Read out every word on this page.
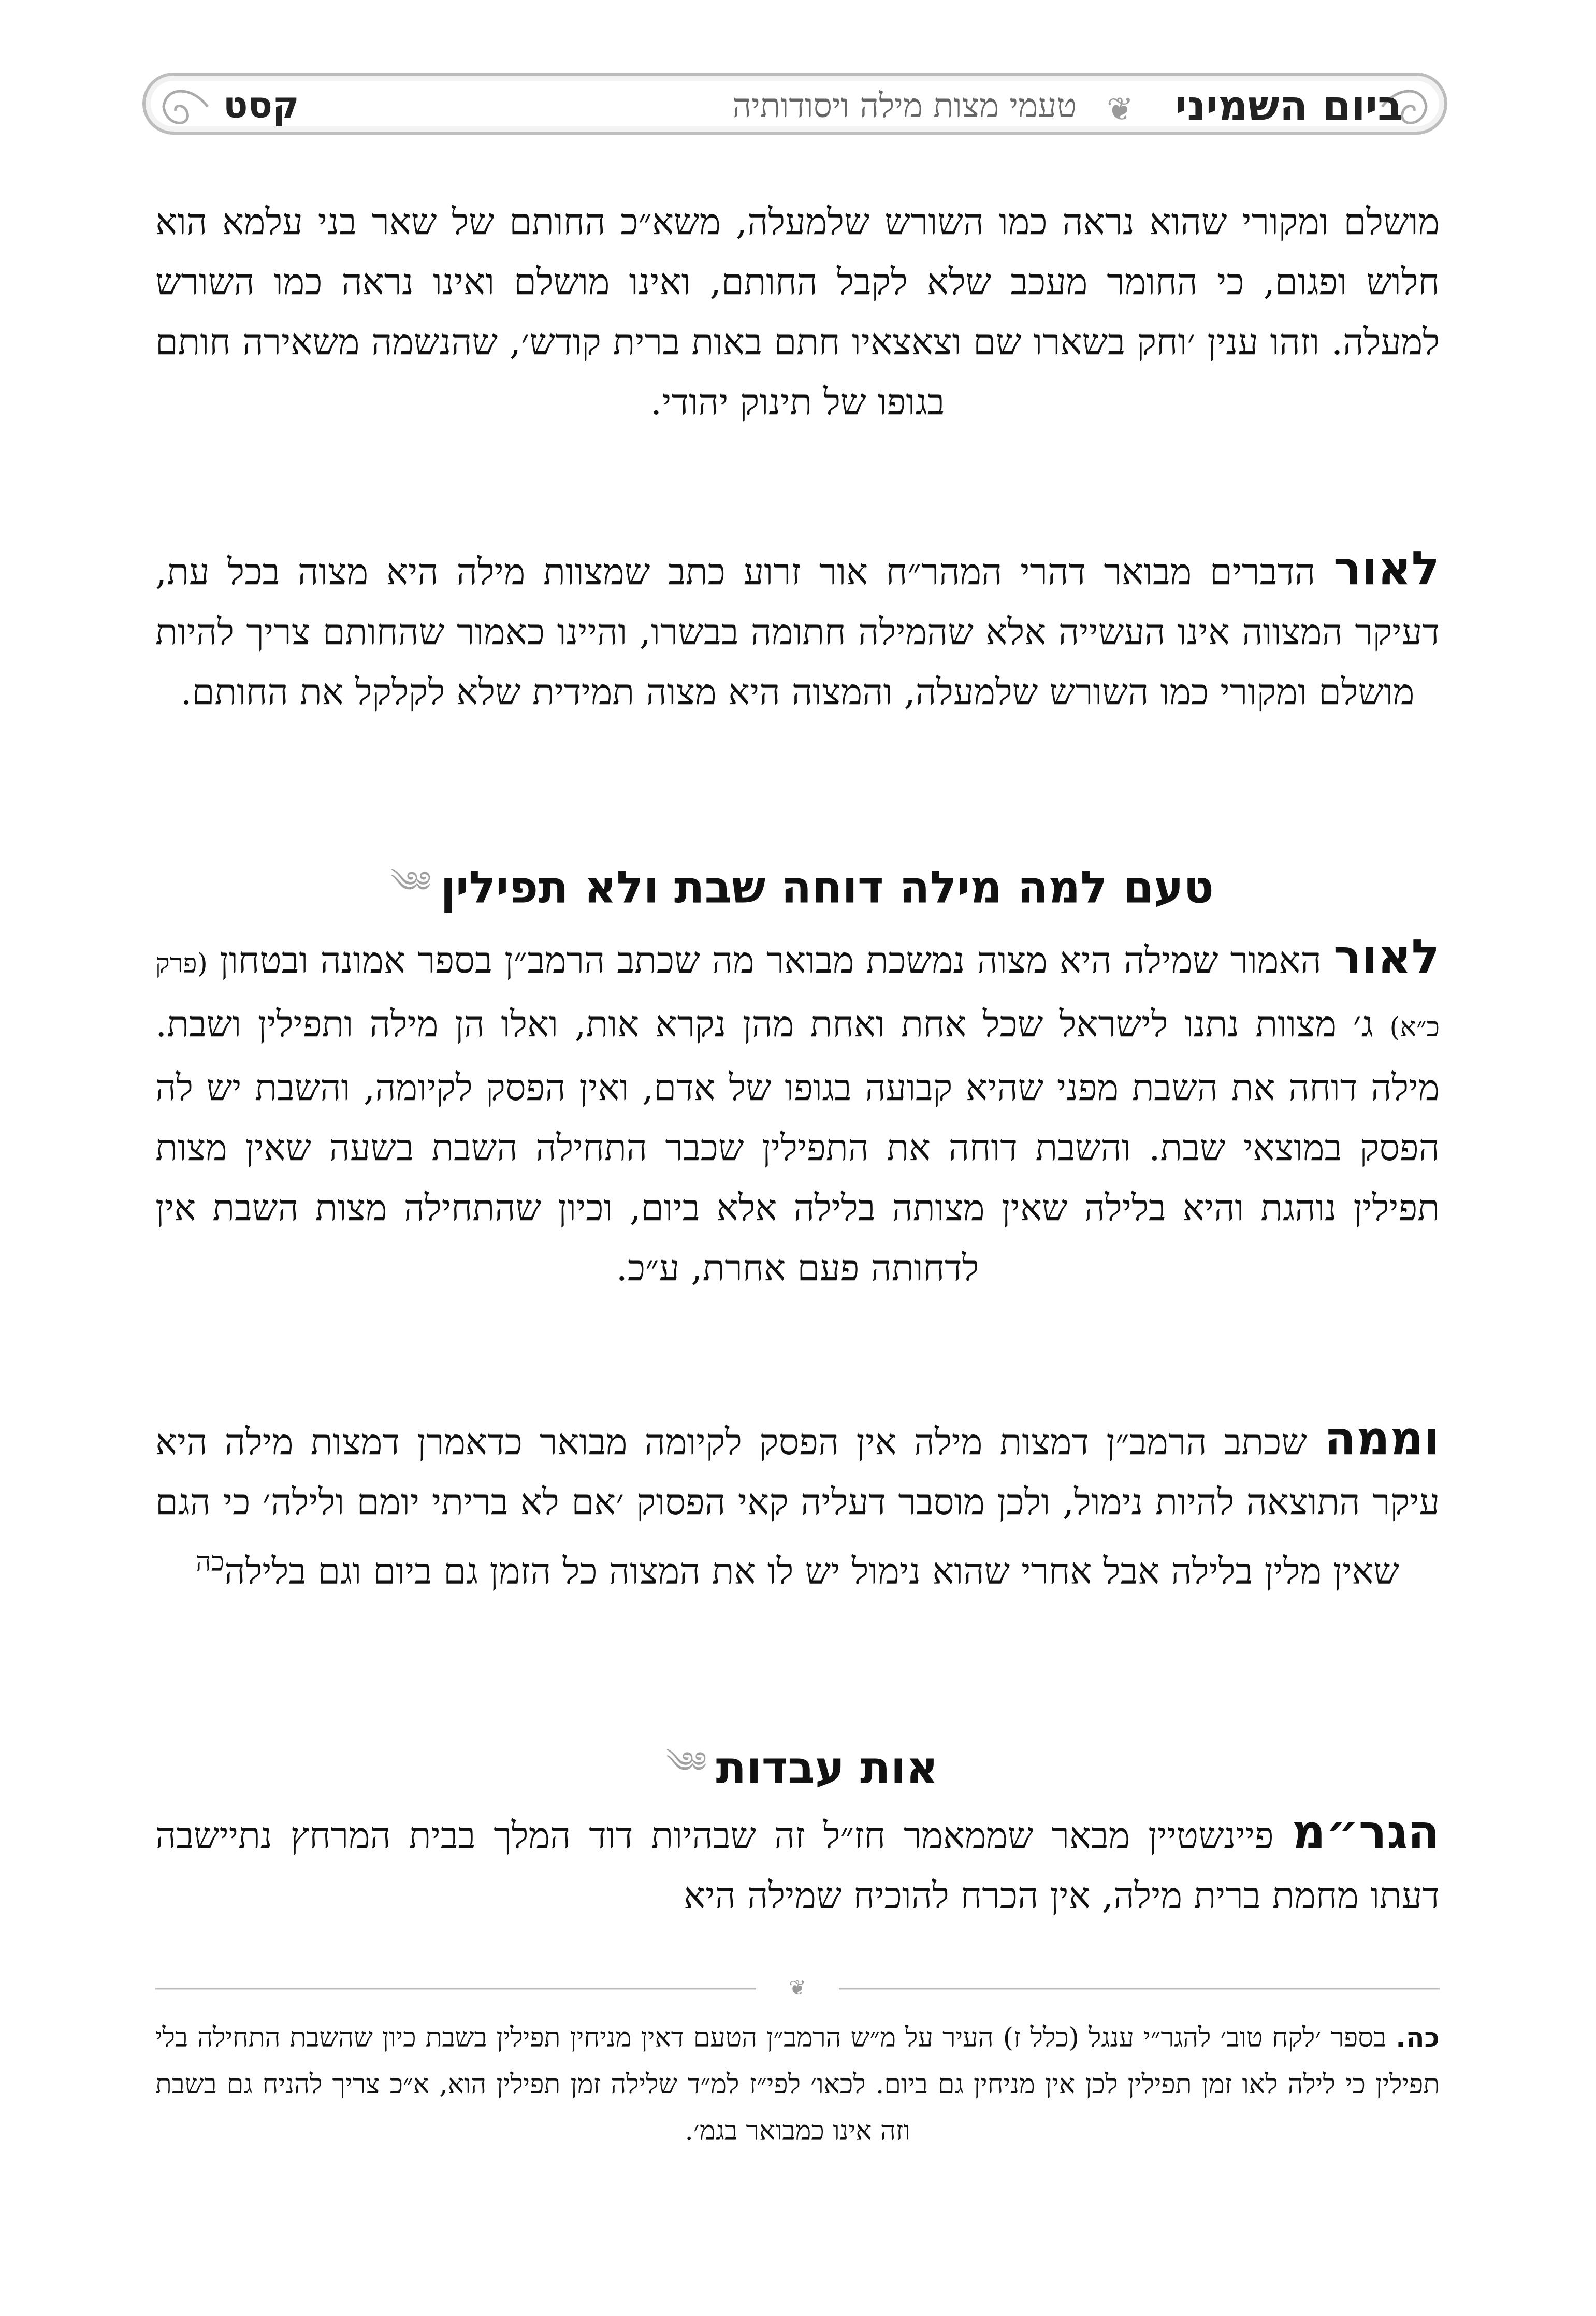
ביום השמיני
❦
טעמי מצות מילה ויסודותיה
קסט
מושלם ומקורי שהוא נראה כמו השורש שלמעלה, משא״כ החותם של שאר בני עלמא הוא חלוש ופגום, כי החומר מעכב שלא לקבל החותם, ואינו מושלם ואינו נראה כמו השורש למעלה. וזהו ענין ׳וחק בשארו שם וצאצאיו חתם באות ברית קודש׳, שהנשמה משאירה חותם בגופו של תינוק יהודי.
לאור הדברים מבואר דהרי המהר״ח אור זרוע כתב שמצוות מילה היא מצוה בכל עת, דעיקר המצווה אינו העשייה אלא שהמילה חתומה בבשרו, והיינו כאמור שהחותם צריך להיות מושלם ומקורי כמו השורש שלמעלה, והמצוה היא מצוה תמידית שלא לקלקל את החותם.
טעם למה מילה דוחה שבת ולא תפילין༄༅
לאור האמור שמילה היא מצוה נמשכת מבואר מה שכתב הרמב״ן בספר אמונה ובטחון (פרק כ״א) ג׳ מצוות נתנו לישראל שכל אחת ואחת מהן נקרא אות, ואלו הן מילה ותפילין ושבת. מילה דוחה את השבת מפני שהיא קבועה בגופו של אדם, ואין הפסק לקיומה, והשבת יש לה הפסק במוצאי שבת. והשבת דוחה את התפילין שכבר התחילה השבת בשעה שאין מצות תפילין נוהגת והיא בלילה שאין מצותה בלילה אלא ביום, וכיון שהתחילה מצות השבת אין לדחותה פעם אחרת, ע״כ.
וממה שכתב הרמב״ן דמצות מילה אין הפסק לקיומה מבואר כדאמרן דמצות מילה היא עיקר התוצאה להיות נימול, ולכן מוסבר דעליה קאי הפסוק ׳אם לא בריתי יומם ולילה׳ כי הגם שאין מלין בלילה אבל אחרי שהוא נימול יש לו את המצוה כל הזמן גם ביום וגם בלילה$^{כה}$
אות עבדות༄༅
הגר״מ פיינשטיין מבאר שממאמר חז״ל זה שבהיות דוד המלך בבית המרחץ נתיישבה דעתו מחמת ברית מילה, אין הכרח להוכיח שמילה היא
❦
כה. בספר ׳לקח טוב׳ להגר״י ענגל (כלל ז) העיר על מ״ש הרמב״ן הטעם דאין מניחין תפילין בשבת כיון שהשבת התחילה בלי תפילין כי לילה לאו זמן תפילין לכן אין מניחין גם ביום. לכאו׳ לפי״ז למ״ד שלילה זמן תפילין הוא, א״כ צריך להניח גם בשבת וזה אינו כמבואר בגמ׳.
